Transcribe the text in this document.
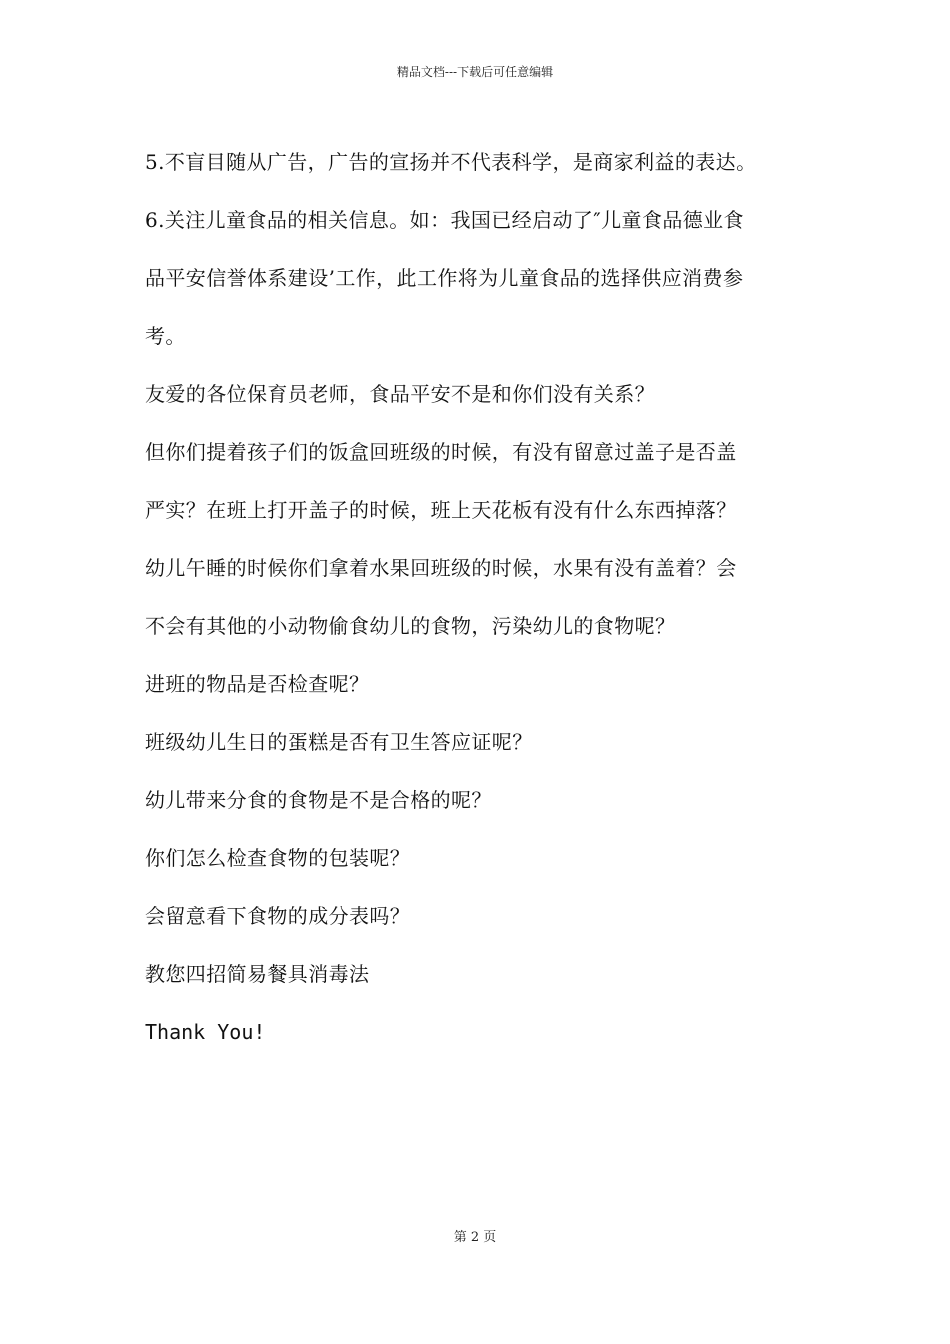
精品文档---下载后可任意编辑
5.不盲目随从广告，广告的宣扬并不代表科学，是商家利益的表达。
6.关注儿童食品的相关信息。如：我国已经启动了″儿童食品德业食
品平安信誉体系建设’工作，此工作将为儿童食品的选择供应消费参
考。
友爱的各位保育员老师，食品平安不是和你们没有关系？
但你们提着孩子们的饭盒回班级的时候，有没有留意过盖子是否盖
严实？在班上打开盖子的时候，班上天花板有没有什么东西掉落？
幼儿午睡的时候你们拿着水果回班级的时候，水果有没有盖着？会
不会有其他的小动物偷食幼儿的食物，污染幼儿的食物呢？
进班的物品是否检查呢？
班级幼儿生日的蛋糕是否有卫生答应证呢？
幼儿带来分食的食物是不是合格的呢？
你们怎么检查食物的包装呢？
会留意看下食物的成分表吗？
教您四招简易餐具消毒法
Thank You!
第 2 页
